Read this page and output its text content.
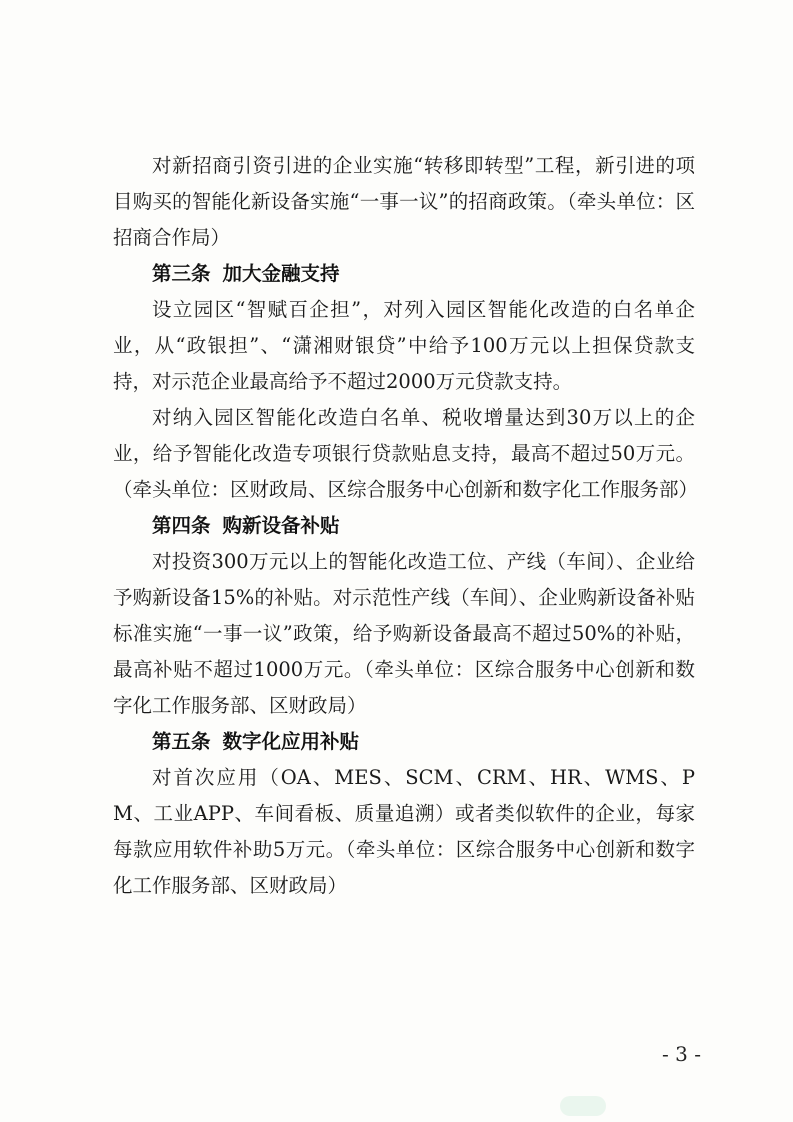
对新招商引资引进的企业实施“转移即转型”工程，新引进的项目购买的智能化新设备实施“一事一议”的招商政策。（牵头单位：区招商合作局）

第三条 加大金融支持

设立园区“智赋百企担”，对列入园区智能化改造的白名单企业，从“政银担”、“潇湘财银贷”中给予100万元以上担保贷款支持，对示范企业最高给予不超过2000万元贷款支持。

对纳入园区智能化改造白名单、税收增量达到30万以上的企业，给予智能化改造专项银行贷款贴息支持，最高不超过50万元。（牵头单位：区财政局、区综合服务中心创新和数字化工作服务部）

第四条 购新设备补贴

对投资300万元以上的智能化改造工位、产线（车间）、企业给予购新设备15%的补贴。对示范性产线（车间）、企业购新设备补贴标准实施“一事一议”政策，给予购新设备最高不超过50%的补贴，最高补贴不超过1000万元。（牵头单位：区综合服务中心创新和数字化工作服务部、区财政局）

第五条 数字化应用补贴

对首次应用（OA、MES、SCM、CRM、HR、WMS、PM、工业APP、车间看板、质量追溯）或者类似软件的企业，每家每款应用软件补助5万元。（牵头单位：区综合服务中心创新和数字化工作服务部、区财政局）

- 3 -
